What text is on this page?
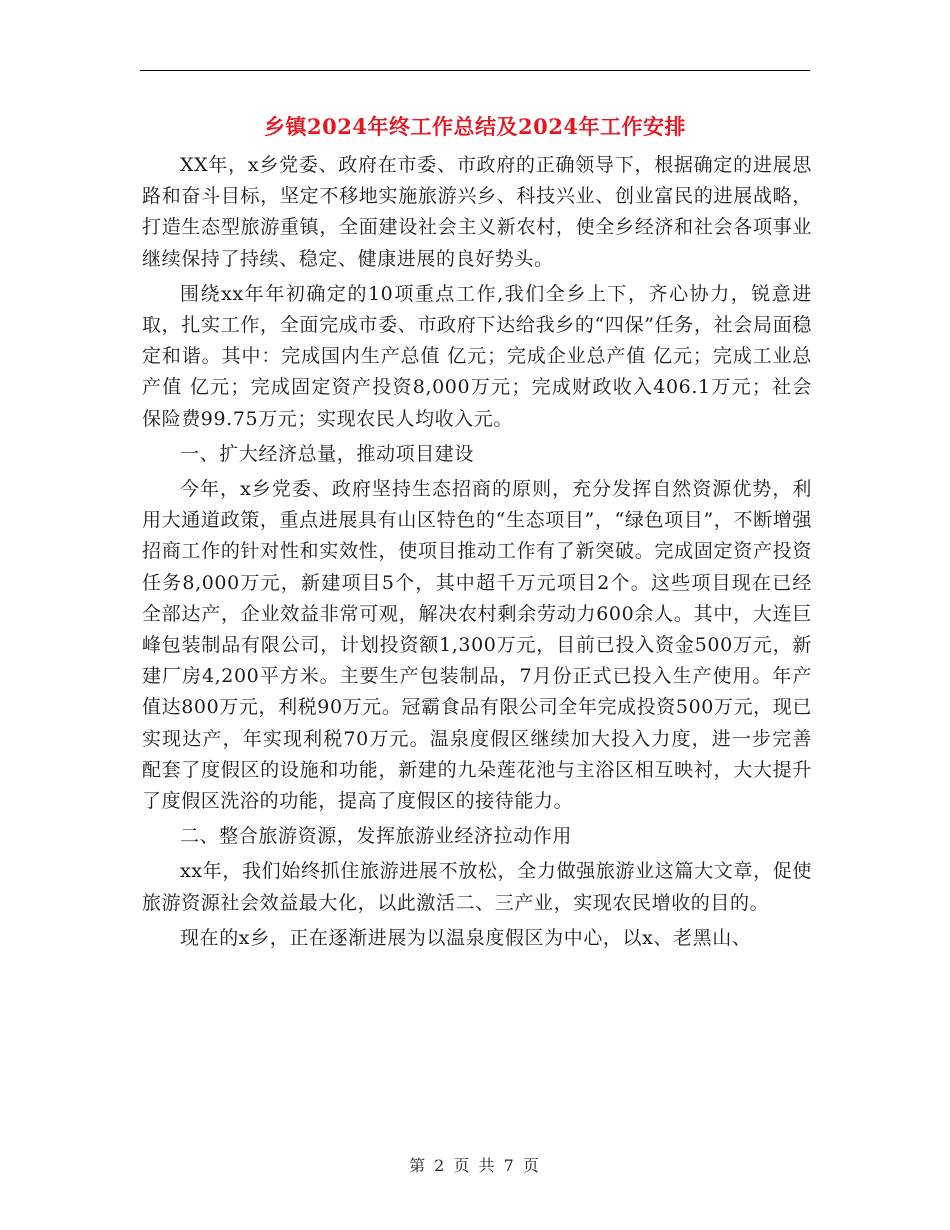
乡镇2024年终工作总结及2024年工作安排

XX年，x乡党委、政府在市委、市政府的正确领导下，根据确定的进展思路和奋斗目标，坚定不移地实施旅游兴乡、科技兴业、创业富民的进展战略，打造生态型旅游重镇，全面建设社会主义新农村，使全乡经济和社会各项事业继续保持了持续、稳定、健康进展的良好势头。

围绕xx年年初确定的10项重点工作,我们全乡上下，齐心协力，锐意进取，扎实工作，全面完成市委、市政府下达给我乡的“四保”任务，社会局面稳定和谐。其中：完成国内生产总值 亿元；完成企业总产值 亿元；完成工业总产值 亿元；完成固定资产投资8,000万元；完成财政收入406.1万元；社会保险费99.75万元；实现农民人均收入元。

一、扩大经济总量，推动项目建设

今年，x乡党委、政府坚持生态招商的原则，充分发挥自然资源优势，利用大通道政策，重点进展具有山区特色的“生态项目”，“绿色项目”，不断增强招商工作的针对性和实效性，使项目推动工作有了新突破。完成固定资产投资任务8,000万元，新建项目5个，其中超千万元项目2个。这些项目现在已经全部达产，企业效益非常可观，解决农村剩余劳动力600余人。其中，大连巨峰包装制品有限公司，计划投资额1,300万元，目前已投入资金500万元，新建厂房4,200平方米。主要生产包装制品，7月份正式已投入生产使用。年产值达800万元，利税90万元。冠霸食品有限公司全年完成投资500万元，现已实现达产，年实现利税70万元。温泉度假区继续加大投入力度，进一步完善配套了度假区的设施和功能，新建的九朵莲花池与主浴区相互映衬，大大提升了度假区洗浴的功能，提高了度假区的接待能力。

二、整合旅游资源，发挥旅游业经济拉动作用

xx年，我们始终抓住旅游进展不放松，全力做强旅游业这篇大文章，促使旅游资源社会效益最大化，以此激活二、三产业，实现农民增收的目的。

现在的x乡，正在逐渐进展为以温泉度假区为中心，以x、老黑山、

第 2 页 共 7 页
